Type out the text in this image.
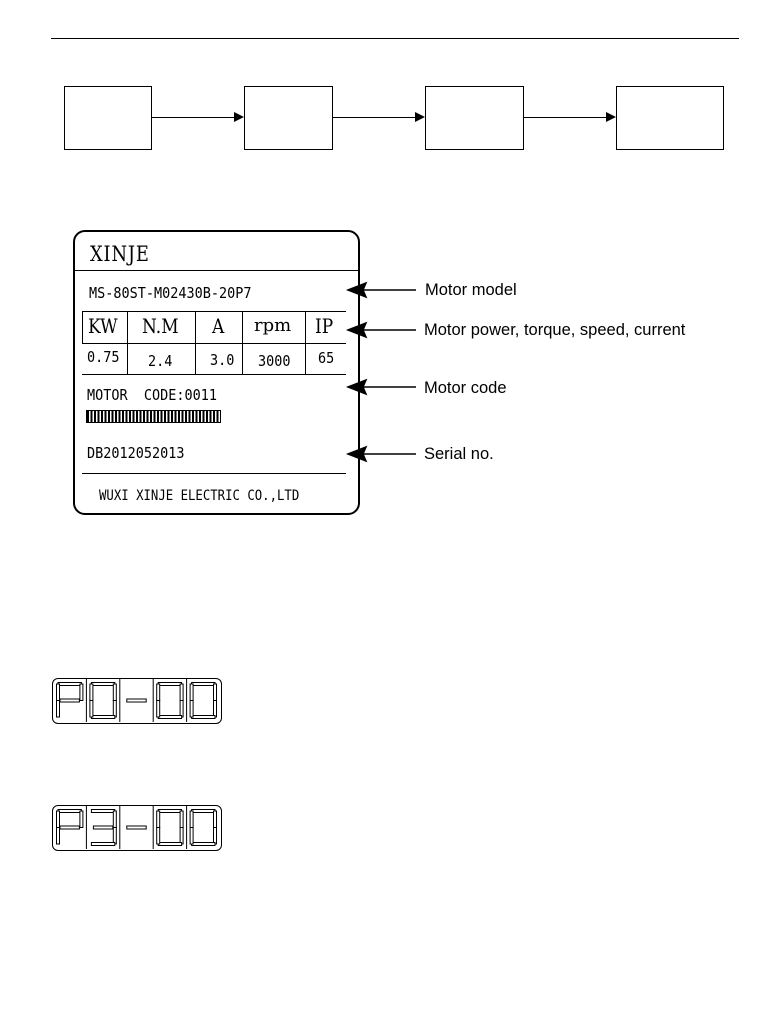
XINJE
MS-80ST-M02430B-20P7
KW N.M A rpm IP
0.75 2.4	3.0 3000 65
MOTOR  CODE:0011
DB2012052013
WUXI XINJE ELECTRIC CO.,LTD
Motor model
Motor power, torque, speed, current
Motor code
Serial no.
